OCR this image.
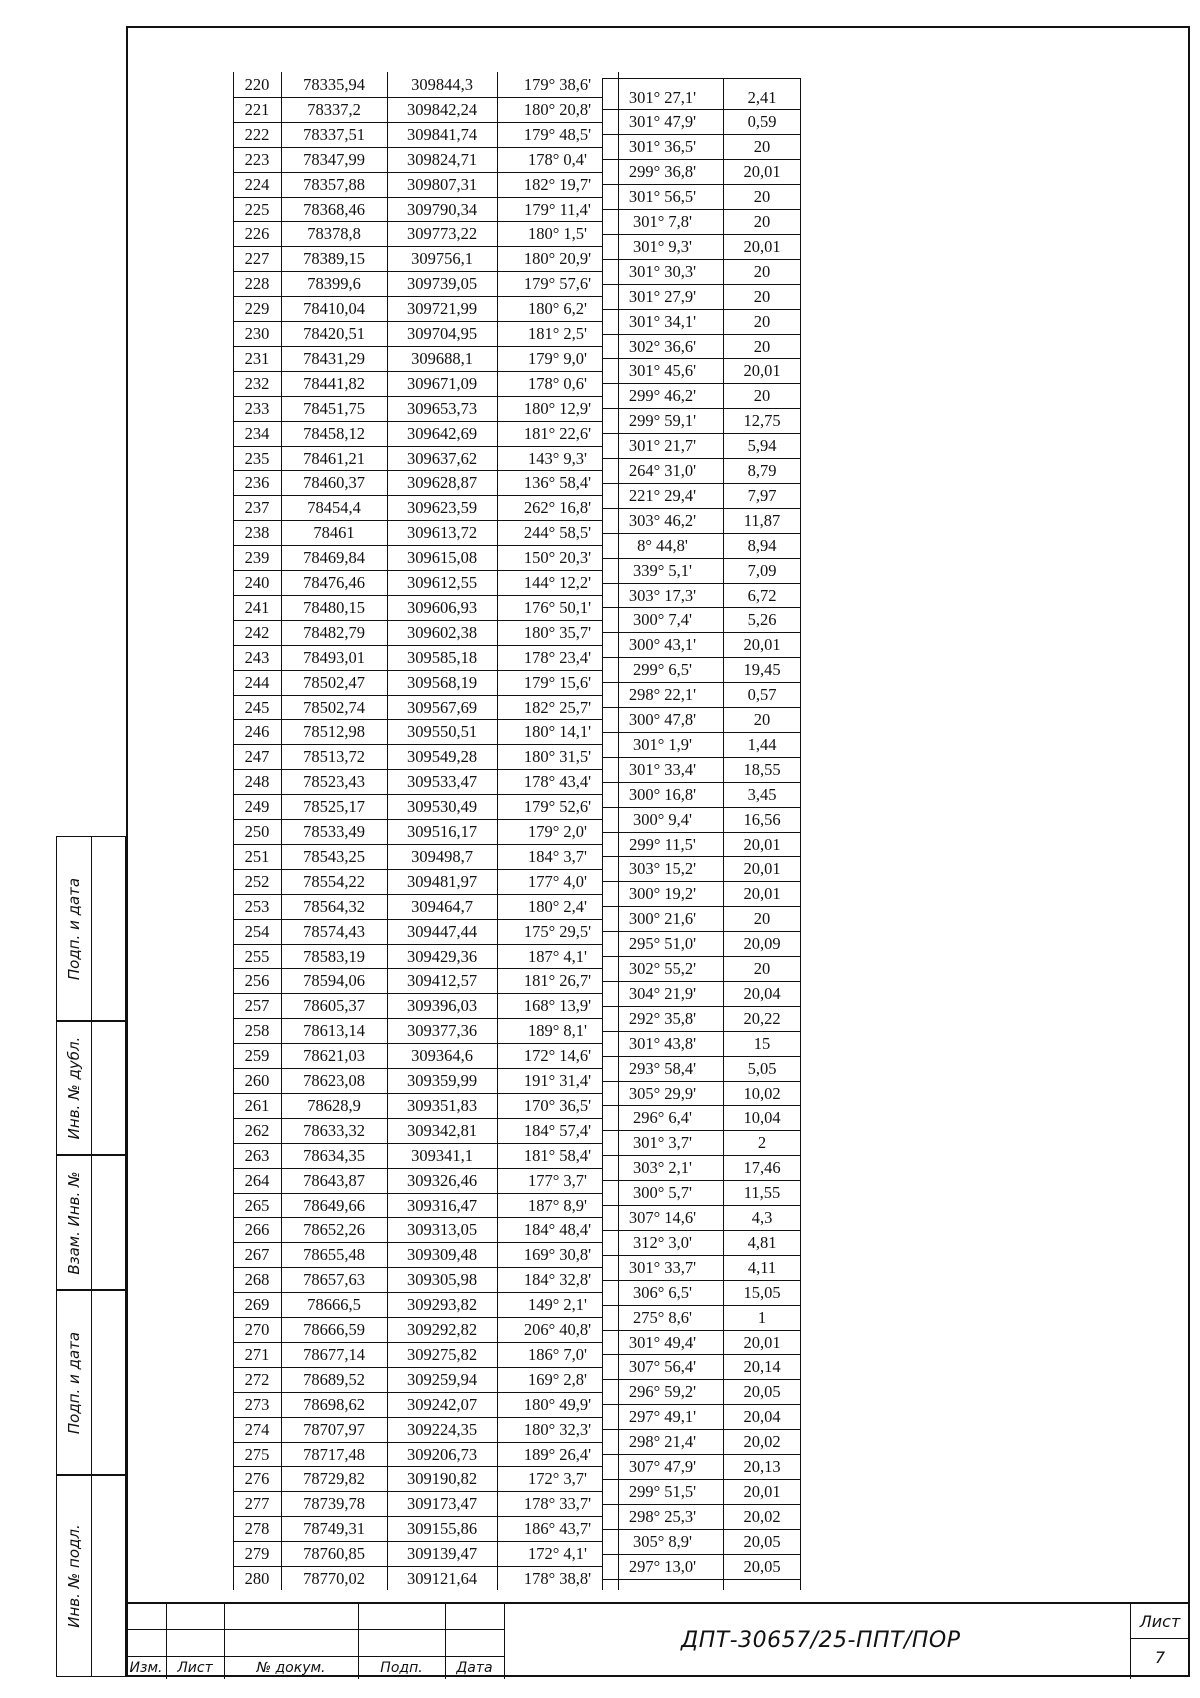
220	78335,94	309844,3	179° 38,6'
221	78337,2	309842,24	180° 20,8'
222	78337,51	309841,74	179° 48,5'
223	78347,99	309824,71	178° 0,4'
224	78357,88	309807,31	182° 19,7'
225	78368,46	309790,34	179° 11,4'
226	78378,8	309773,22	180° 1,5'
227	78389,15	309756,1	180° 20,9'
228	78399,6	309739,05	179° 57,6'
229	78410,04	309721,99	180° 6,2'
230	78420,51	309704,95	181° 2,5'
231	78431,29	309688,1	179° 9,0'
232	78441,82	309671,09	178° 0,6'
233	78451,75	309653,73	180° 12,9'
234	78458,12	309642,69	181° 22,6'
235	78461,21	309637,62	143° 9,3'
236	78460,37	309628,87	136° 58,4'
237	78454,4	309623,59	262° 16,8'
238	78461	309613,72	244° 58,5'
239	78469,84	309615,08	150° 20,3'
240	78476,46	309612,55	144° 12,2'
241	78480,15	309606,93	176° 50,1'
242	78482,79	309602,38	180° 35,7'
243	78493,01	309585,18	178° 23,4'
244	78502,47	309568,19	179° 15,6'
245	78502,74	309567,69	182° 25,7'
246	78512,98	309550,51	180° 14,1'
247	78513,72	309549,28	180° 31,5'
248	78523,43	309533,47	178° 43,4'
249	78525,17	309530,49	179° 52,6'
250	78533,49	309516,17	179° 2,0'
251	78543,25	309498,7	184° 3,7'
252	78554,22	309481,97	177° 4,0'
253	78564,32	309464,7	180° 2,4'
254	78574,43	309447,44	175° 29,5'
255	78583,19	309429,36	187° 4,1'
256	78594,06	309412,57	181° 26,7'
257	78605,37	309396,03	168° 13,9'
258	78613,14	309377,36	189° 8,1'
259	78621,03	309364,6	172° 14,6'
260	78623,08	309359,99	191° 31,4'
261	78628,9	309351,83	170° 36,5'
262	78633,32	309342,81	184° 57,4'
263	78634,35	309341,1	181° 58,4'
264	78643,87	309326,46	177° 3,7'
265	78649,66	309316,47	187° 8,9'
266	78652,26	309313,05	184° 48,4'
267	78655,48	309309,48	169° 30,8'
268	78657,63	309305,98	184° 32,8'
269	78666,5	309293,82	149° 2,1'
270	78666,59	309292,82	206° 40,8'
271	78677,14	309275,82	186° 7,0'
272	78689,52	309259,94	169° 2,8'
273	78698,62	309242,07	180° 49,9'
274	78707,97	309224,35	180° 32,3'
275	78717,48	309206,73	189° 26,4'
276	78729,82	309190,82	172° 3,7'
277	78739,78	309173,47	178° 33,7'
278	78749,31	309155,86	186° 43,7'
279	78760,85	309139,47	172° 4,1'
280	78770,02	309121,64	178° 38,8'
301° 27,1'	2,41
301° 47,9'	0,59
301° 36,5'	20
299° 36,8'	20,01
301° 56,5'	20
301° 7,8'	20
301° 9,3'	20,01
301° 30,3'	20
301° 27,9'	20
301° 34,1'	20
302° 36,6'	20
301° 45,6'	20,01
299° 46,2'	20
299° 59,1'	12,75
301° 21,7'	5,94
264° 31,0'	8,79
221° 29,4'	7,97
303° 46,2'	11,87
8° 44,8'	8,94
339° 5,1'	7,09
303° 17,3'	6,72
300° 7,4'	5,26
300° 43,1'	20,01
299° 6,5'	19,45
298° 22,1'	0,57
300° 47,8'	20
301° 1,9'	1,44
301° 33,4'	18,55
300° 16,8'	3,45
300° 9,4'	16,56
299° 11,5'	20,01
303° 15,2'	20,01
300° 19,2'	20,01
300° 21,6'	20
295° 51,0'	20,09
302° 55,2'	20
304° 21,9'	20,04
292° 35,8'	20,22
301° 43,8'	15
293° 58,4'	5,05
305° 29,9'	10,02
296° 6,4'	10,04
301° 3,7'	2
303° 2,1'	17,46
300° 5,7'	11,55
307° 14,6'	4,3
312° 3,0'	4,81
301° 33,7'	4,11
306° 6,5'	15,05
275° 8,6'	1
301° 49,4'	20,01
307° 56,4'	20,14
296° 59,2'	20,05
297° 49,1'	20,04
298° 21,4'	20,02
307° 47,9'	20,13
299° 51,5'	20,01
298° 25,3'	20,02
305° 8,9'	20,05
297° 13,0'	20,05
Подп. и дата
Инв. № дубл.
Взам. Инв. №
Подп. и дата
Инв. № подл.
Изм.	Лист	№ докум.	Подп.	Дата
ДПТ-30657/25-ППТ/ПОР
Лист
7
